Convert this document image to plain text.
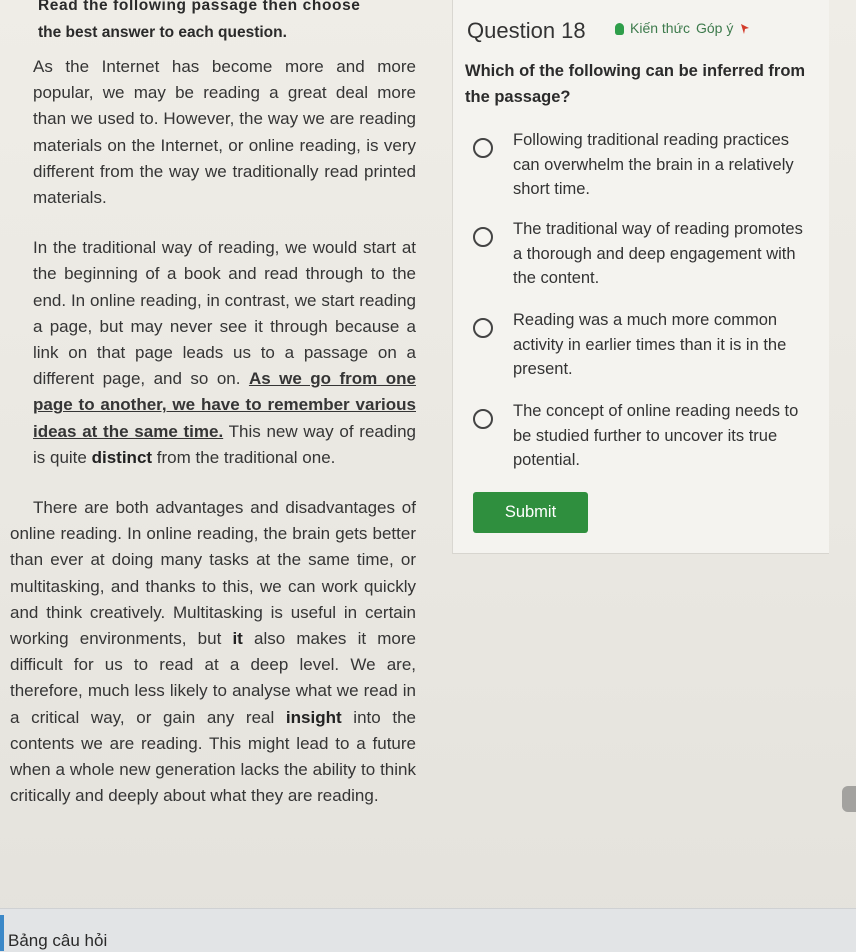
Read the following passage then choose
the best answer to each question.

As the Internet has become more and more popular, we may be reading a great deal more than we used to. However, the way we are reading materials on the Internet, or online reading, is very different from the way we traditionally read printed materials.

In the traditional way of reading, we would start at the beginning of a book and read through to the end. In online reading, in contrast, we start reading a page, but may never see it through because a link on that page leads us to a passage on a different page, and so on. As we go from one page to another, we have to remember various ideas at the same time. This new way of reading is quite distinct from the traditional one.

There are both advantages and disadvantages of online reading. In online reading, the brain gets better than ever at doing many tasks at the same time, or multitasking, and thanks to this, we can work quickly and think creatively. Multitasking is useful in certain working environments, but it also makes it more difficult for us to read at a deep level. We are, therefore, much less likely to analyse what we read in a critical way, or gain any real insight into the contents we are reading. This might lead to a future when a whole new generation lacks the ability to think critically and deeply about what they are reading.

Question 18	Kiến thức Góp ý
Which of the following can be inferred from the passage?
Following traditional reading practices can overwhelm the brain in a relatively short time.
The traditional way of reading promotes a thorough and deep engagement with the content.
Reading was a much more common activity in earlier times than it is in the present.
The concept of online reading needs to be studied further to uncover its true potential.
Submit
Bảng câu hỏi
